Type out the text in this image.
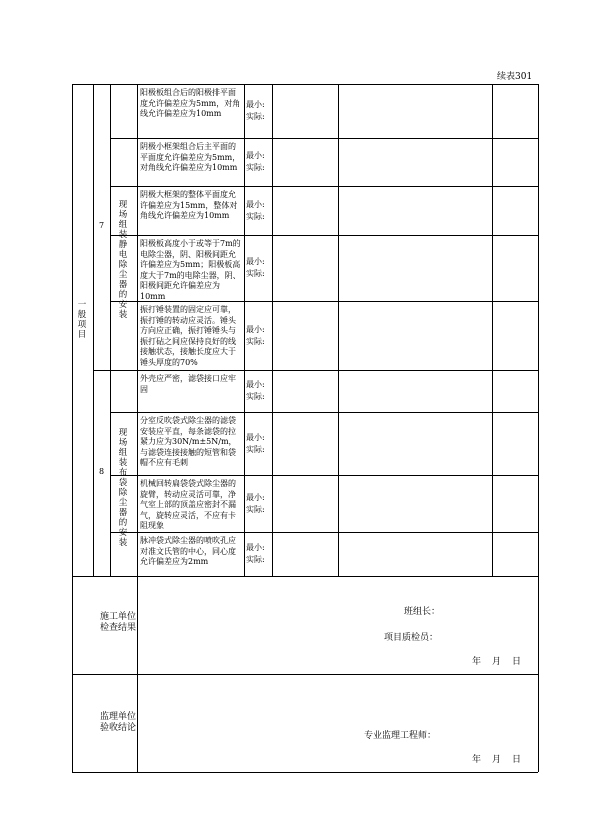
续表301
一般项目
7
现场组装静电除尘器的安装
阳极板组合后的阳极排平面度允许偏差应为5mm，对角线允许偏差应为10mm
最小:
实际:
阴极小框架组合后主平面的平面度允许偏差应为5mm，对角线允许偏差应为10mm
最小:
实际:
阴极大框架的整体平面度允许偏差应为15mm，整体对角线允许偏差应为10mm
最小:
实际:
阳极板高度小于或等于7m的电除尘器，阴、阳极间距允许偏差应为5mm；阳极板高度大于7m的电除尘器，阴、阳极间距允许偏差应为10mm
最小:
实际:
振打锤装置的固定应可靠，振打锤的转动应灵活。锤头方向应正确，振打锤锤头与振打砧之间应保持良好的线接触状态，接触长度应大于锤头厚度的70%
最小:
实际:
8
现场组装布袋除尘器的安装
外壳应严密，滤袋接口应牢固	最小:
实际:
分室反吹袋式除尘器的滤袋安装应平直，每条滤袋的拉紧力应为30N/m±5N/m，与滤袋连接接触的短管和袋帽不应有毛刺
最小:
实际:
机械回转扁袋袋式除尘器的旋臂，转动应灵活可靠，净气室上部的顶盖应密封不漏气，旋转应灵活，不应有卡阻现象
最小:
实际:
脉冲袋式除尘器的喷吹孔应对准文氏管的中心，同心度允许偏差应为2mm
最小:
实际:
施工单位检查结果
班组长：
项目质检员：
年	月	日
监理单位验收结论
专业监理工程师：
年	月	日
